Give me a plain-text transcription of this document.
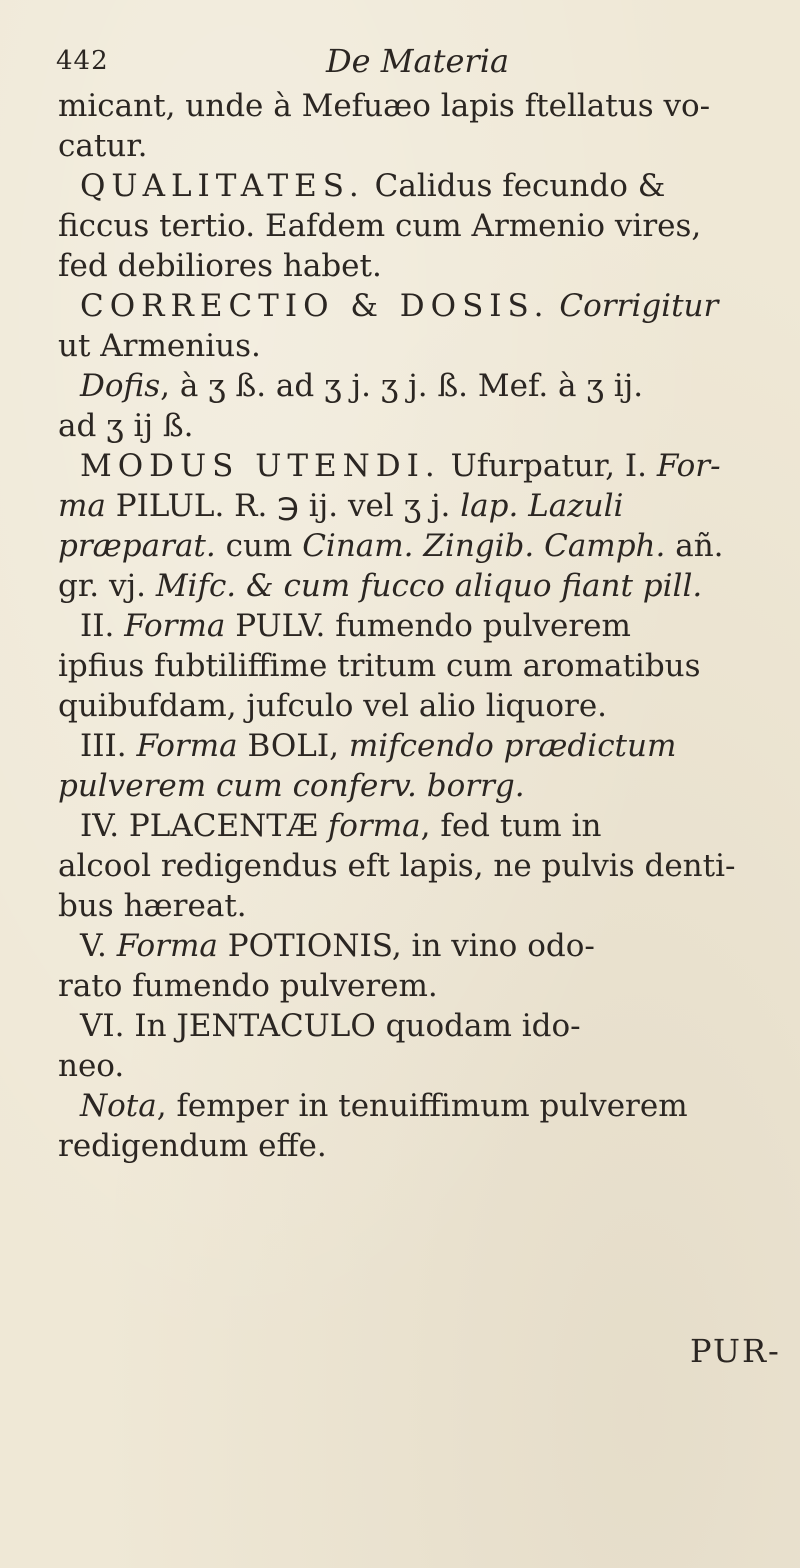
442	De Materia
micant, unde à Mefuæo lapis ftellatus vo-
catur.
QUALITATES. Calidus fecundo &
ficcus tertio. Eafdem cum Armenio vires,
fed debiliores habet.
CORRECTIO & DOSIS. Corrigitur
ut Armenius.
Dofis, à ʒ ß. ad ʒ j. ʒ j. ß. Mef. à ʒ ij.
ad ʒ ij ß.
MODUS UTENDI. Ufurpatur, I. For-
ma PILUL. R. ℈ ij. vel ʒ j. lap. Lazuli
præparat. cum Cinam. Zingib. Camph. añ.
gr. vj. Mifc. & cum fucco aliquo fiant pill.
II. Forma PULV. fumendo pulverem
ipfius fubtiliffime tritum cum aromatibus
quibufdam, jufculo vel alio liquore.
III. Forma BOLI, mifcendo prædictum
pulverem cum conferv. borrg.
IV. PLACENTÆ forma, fed tum in
alcool redigendus eft lapis, ne pulvis denti-
bus hæreat.
V. Forma POTIONIS, in vino odo-
rato fumendo pulverem.
VI. In JENTACULO quodam ido-
neo.
Nota, femper in tenuiffimum pulverem
redigendum effe.
PUR-
